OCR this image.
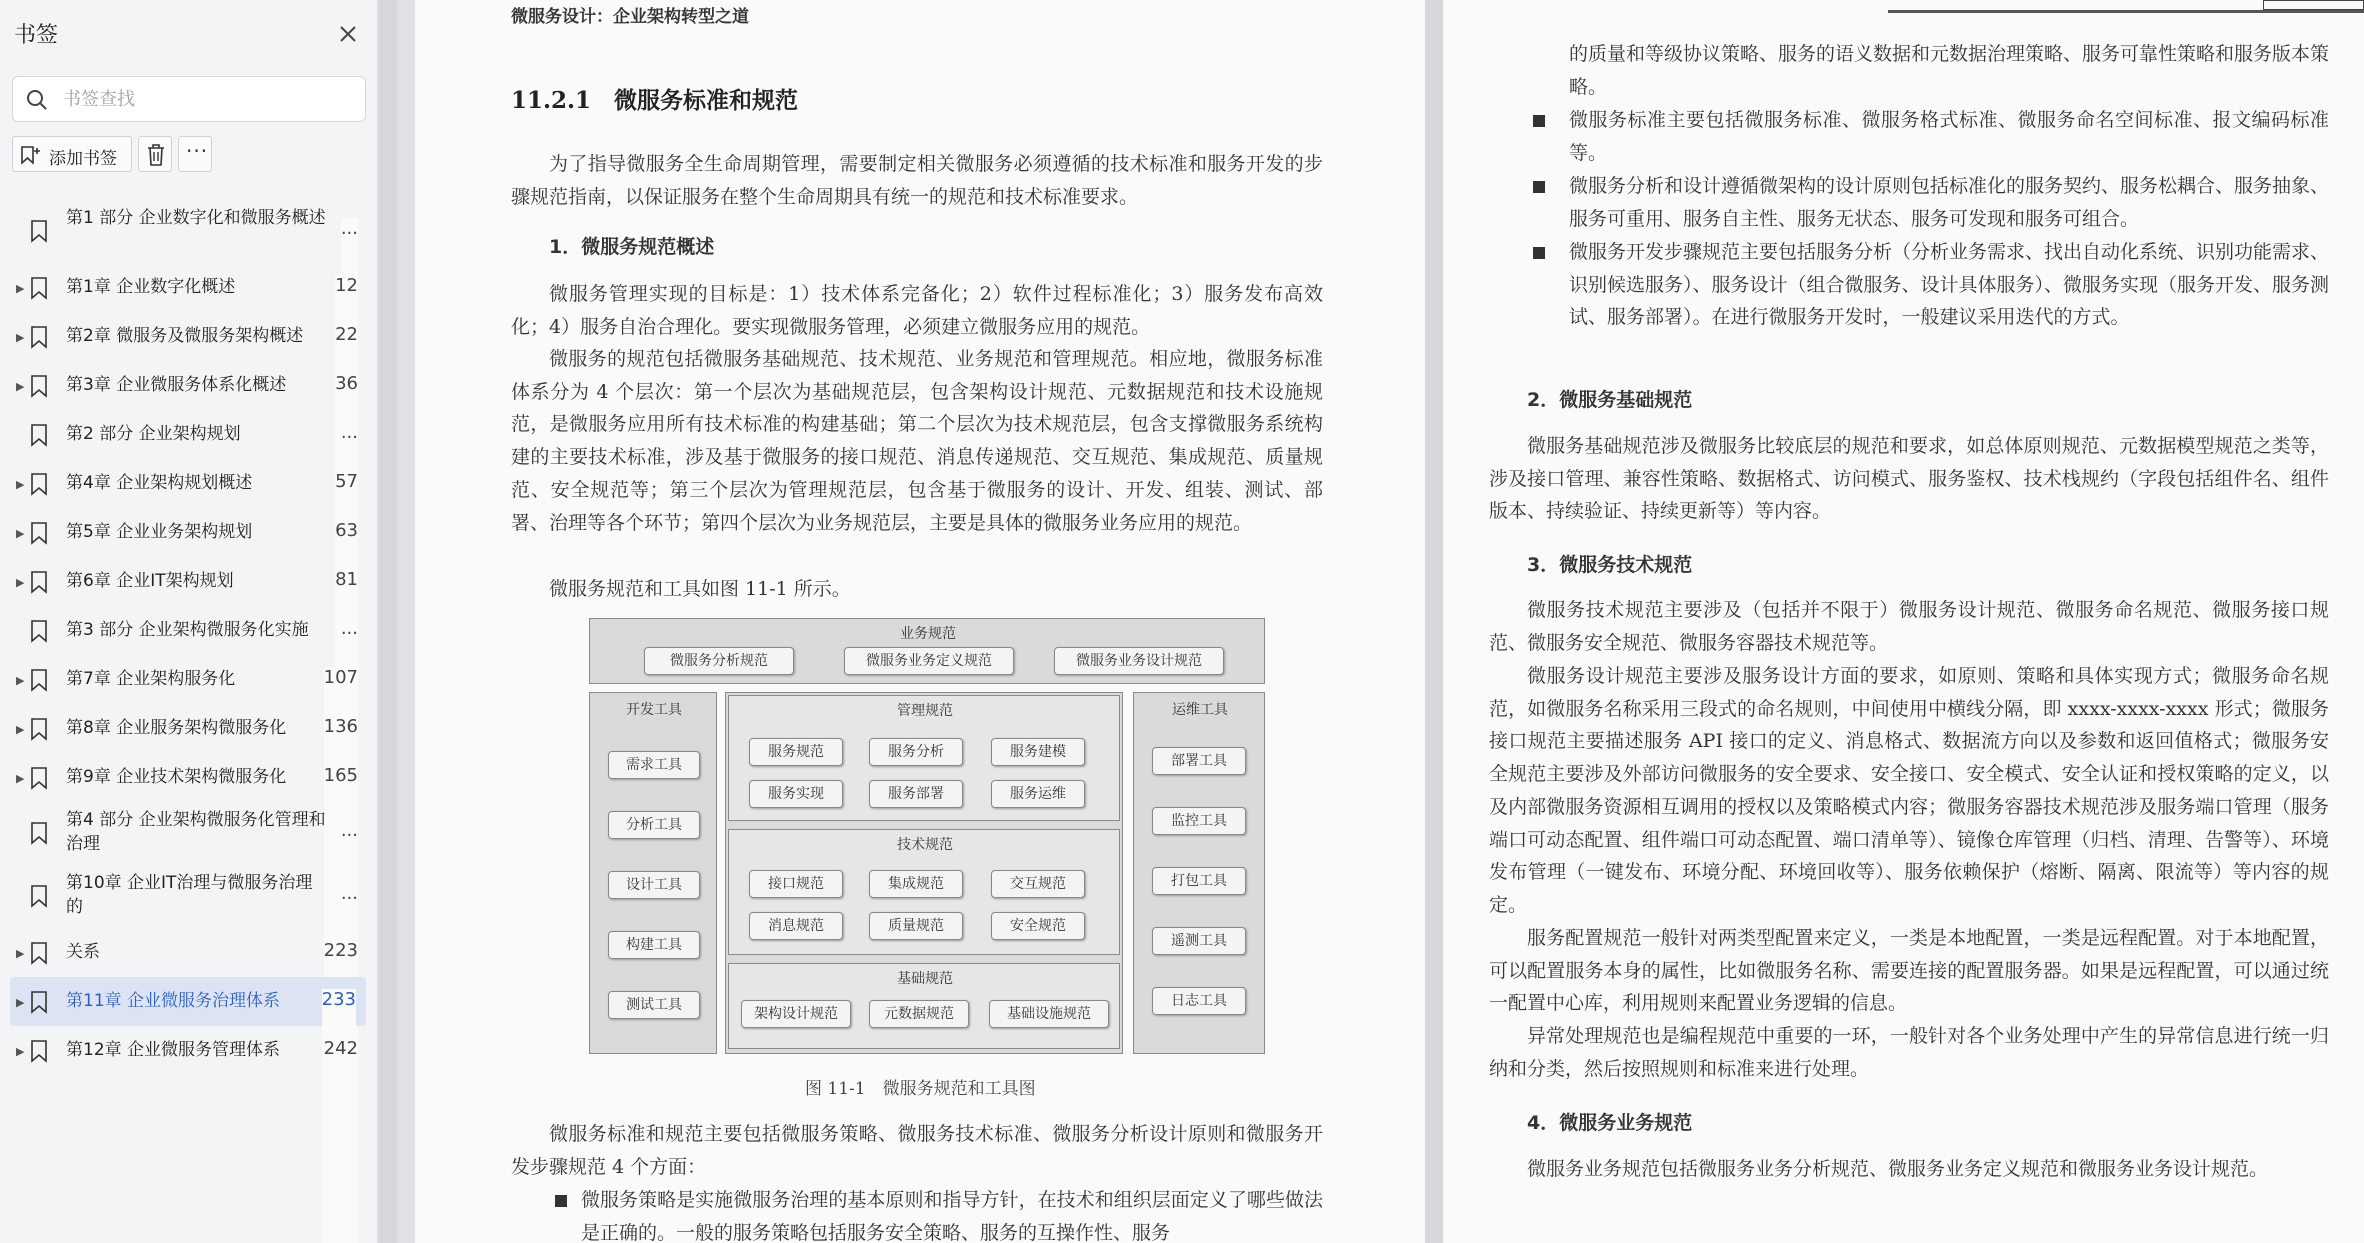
书签
书签查找
添加书签	···
第1 部分 企业数字化和微服务概述 ...
▶ 第1章 企业数字化概述	12
▶ 第2章 微服务及微服务架构概述	22
▶ 第3章 企业微服务体系化概述	36
第2 部分 企业架构规划	...
▶ 第4章 企业架构规划概述	57
▶ 第5章 企业业务架构规划	63
▶ 第6章 企业IT架构规划	81
第3 部分 企业架构微服务化实施	...
▶ 第7章 企业架构服务化	107
▶ 第8章 企业服务架构微服务化	136
▶ 第9章 企业技术架构微服务化	165
第4 部分 企业架构微服务化管理和治理
...
第10章 企业IT治理与微服务治理的
...
▶ 关系	223
▶ 第11章 企业微服务治理体系	233
▶ 第12章 企业微服务管理体系	242
微服务设计：企业架构转型之道
11.2.1　微服务标准和规范
为了指导微服务全生命周期管理，需要制定相关微服务必须遵循的技术标准和服务开发的步骤规范指南，以保证服务在整个生命周期具有统一的规范和技术标准要求。
1．微服务规范概述
微服务管理实现的目标是：1）技术体系完备化；2）软件过程标准化；3）服务发布高效化；4）服务自治合理化。要实现微服务管理，必须建立微服务应用的规范。
微服务的规范包括微服务基础规范、技术规范、业务规范和管理规范。相应地，微服务标准体系分为 4 个层次：第一个层次为基础规范层，包含架构设计规范、元数据规范和技术设施规范，是微服务应用所有技术标准的构建基础；第二个层次为技术规范层，包含支撑微服务系统构建的主要技术标准，涉及基于微服务的接口规范、消息传递规范、交互规范、集成规范、质量规范、安全规范等；第三个层次为管理规范层，包含基于微服务的设计、开发、组装、测试、部署、治理等各个环节；第四个层次为业务规范层，主要是具体的微服务业务应用的规范。
微服务规范和工具如图 11-1 所示。
业务规范
微服务分析规范	微服务业务定义规范	微服务业务设计规范
开发工具
需求工具
分析工具
设计工具
构建工具
测试工具
管理规范
服务规范	服务分析	服务建模
服务实现	服务部署	服务运维
技术规范
接口规范	集成规范	交互规范
消息规范	质量规范	安全规范
基础规范
架构设计规范	元数据规范	基础设施规范
运维工具
部署工具
监控工具
打包工具
遥测工具
日志工具
图 11-1　微服务规范和工具图
微服务标准和规范主要包括微服务策略、微服务技术标准、微服务分析设计原则和微服务开发步骤规范 4 个方面：
微服务策略是实施微服务治理的基本原则和指导方针，在技术和组织层面定义了哪些做法是正确的。一般的服务策略包括服务安全策略、服务的互操作性、服务
的质量和等级协议策略、服务的语义数据和元数据治理策略、服务可靠性策略和服务版本策略。
微服务标准主要包括微服务标准、微服务格式标准、微服务命名空间标准、报文编码标准等。
微服务分析和设计遵循微架构的设计原则包括标准化的服务契约、服务松耦合、服务抽象、服务可重用、服务自主性、服务无状态、服务可发现和服务可组合。
微服务开发步骤规范主要包括服务分析（分析业务需求、找出自动化系统、识别功能需求、识别候选服务）、服务设计（组合微服务、设计具体服务）、微服务实现（服务开发、服务测试、服务部署）。在进行微服务开发时，一般建议采用迭代的方式。
2．微服务基础规范
微服务基础规范涉及微服务比较底层的规范和要求，如总体原则规范、元数据模型规范之类等，涉及接口管理、兼容性策略、数据格式、访问模式、服务鉴权、技术栈规约（字段包括组件名、组件版本、持续验证、持续更新等）等内容。
3．微服务技术规范
微服务技术规范主要涉及（包括并不限于）微服务设计规范、微服务命名规范、微服务接口规范、微服务安全规范、微服务容器技术规范等。
微服务设计规范主要涉及服务设计方面的要求，如原则、策略和具体实现方式；微服务命名规范，如微服务名称采用三段式的命名规则，中间使用中横线分隔，即 xxxx-xxxx-xxxx 形式；微服务接口规范主要描述服务 API 接口的定义、消息格式、数据流方向以及参数和返回值格式；微服务安全规范主要涉及外部访问微服务的安全要求、安全接口、安全模式、安全认证和授权策略的定义，以及内部微服务资源相互调用的授权以及策略模式内容；微服务容器技术规范涉及服务端口管理（服务端口可动态配置、组件端口可动态配置、端口清单等）、镜像仓库管理（归档、清理、告警等）、环境发布管理（一键发布、环境分配、环境回收等）、服务依赖保护（熔断、隔离、限流等）等内容的规定。
服务配置规范一般针对两类型配置来定义，一类是本地配置，一类是远程配置。对于本地配置，可以配置服务本身的属性，比如微服务名称、需要连接的配置服务器。如果是远程配置，可以通过统一配置中心库，利用规则来配置业务逻辑的信息。
异常处理规范也是编程规范中重要的一环，一般针对各个业务处理中产生的异常信息进行统一归纳和分类，然后按照规则和标准来进行处理。
4．微服务业务规范
微服务业务规范包括微服务业务分析规范、微服务业务定义规范和微服务业务设计规范。
